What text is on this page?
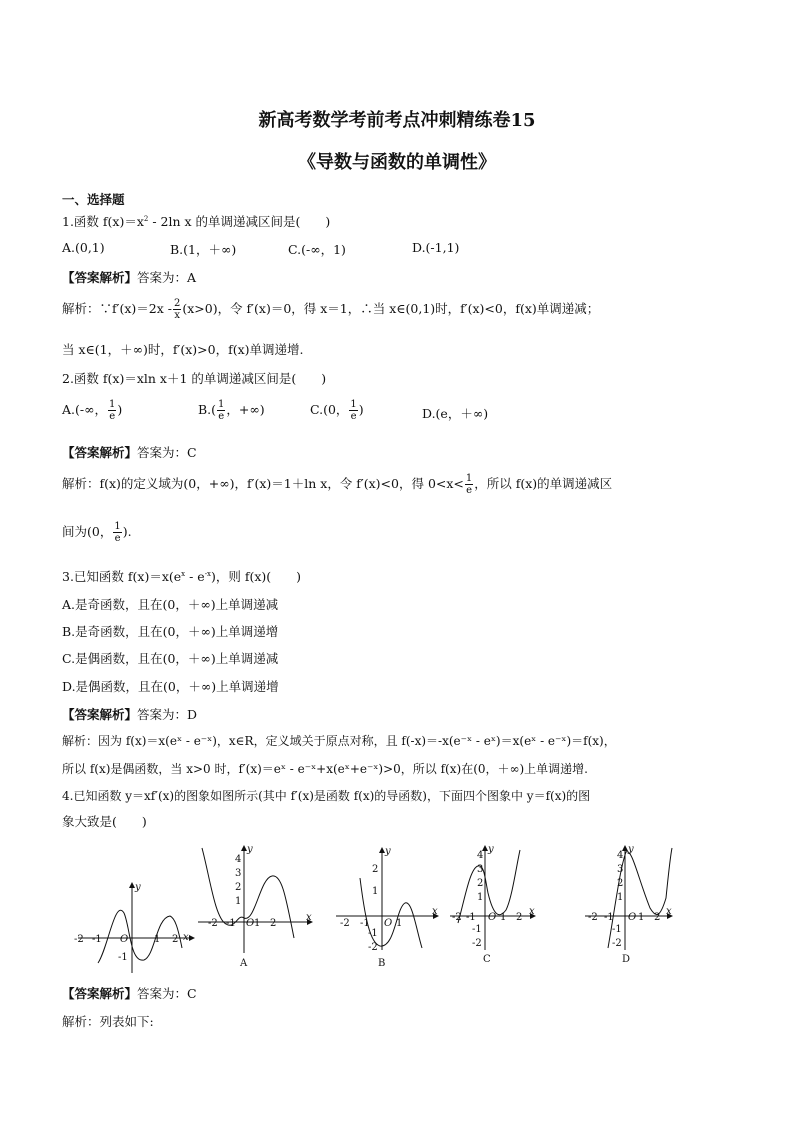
新高考数学考前考点冲刺精练卷15
《导数与函数的单调性》
一、选择题
1.函数 $f(x)=x^2 - 2\ln$ x 的单调递减区间是(　　)
A.(0,1)	B.(1，＋∞)	C.(-∞，1)	D.(-1,1)
【答案解析】答案为：A
解析：∵f′(x)＝2x - $\frac{2}{x} (x>0)$，令 f′(x)＝0，得 x＝1，∴当 x∈(0,1)时，f′(x)<0，f(x)单调递减；
当 x∈(1，＋∞)时，f′(x)>0，f(x)单调递增.
2.函数 f(x)＝xln x＋1 的单调递减区间是(　　)
A.(-∞， $\frac{1}{e}$ )	$B.( \frac{1}{e}$ ，+∞)	C.(0， $\frac{1}{e}$ )	D.(e，＋∞)
【答案解析】答案为：C
解析：f(x)的定义域为(0，+∞)，f′(x)＝1＋ln x，令 f′(x)<0，得 $0<x< \frac{1}{e}$ ，所以 f(x)的单调递减区
间为(0， $\frac{1}{e}$ ).
3.已知函数 $f(x)=x(e^x - e^{-x})$，则 f(x)(　　)
A.是奇函数，且在(0，＋∞)上单调递减
B.是奇函数，且在(0，＋∞)上单调递增
C.是偶函数，且在(0，＋∞)上单调递减
D.是偶函数，且在(0，＋∞)上单调递增
【答案解析】答案为：D
解析：因为 f(x)＝x(eˣ - e⁻ˣ)，x∈R，定义域关于原点对称，且 f(-x)＝-x(e⁻ˣ - eˣ)＝x(eˣ - e⁻ˣ)＝f(x)，
所以 f(x)是偶函数，当 x>0 时，f′(x)＝eˣ - e⁻ˣ+x(eˣ+e⁻ˣ)>0，所以 f(x)在(0，＋∞)上单调递增.
4.已知函数 y＝xf′(x)的图象如图所示(其中 f′(x)是函数 f(x)的导函数)，下面四个图象中 y＝f(x)的图
象大致是(　　)
y
x
O
-2 -1	1 2
-1
4
3
2
1
-2 -1 1 2
O
x
y
A
2
1
-2 -1	1
-1
-2
O
x
y
B
4
3
2
1
-2 -1 1 2
-1
-2
O
x
y
C
4
3
2
1
-2 -1 1 2
-1
-2
O
x
y
D
【答案解析】答案为：C
解析：列表如下:
